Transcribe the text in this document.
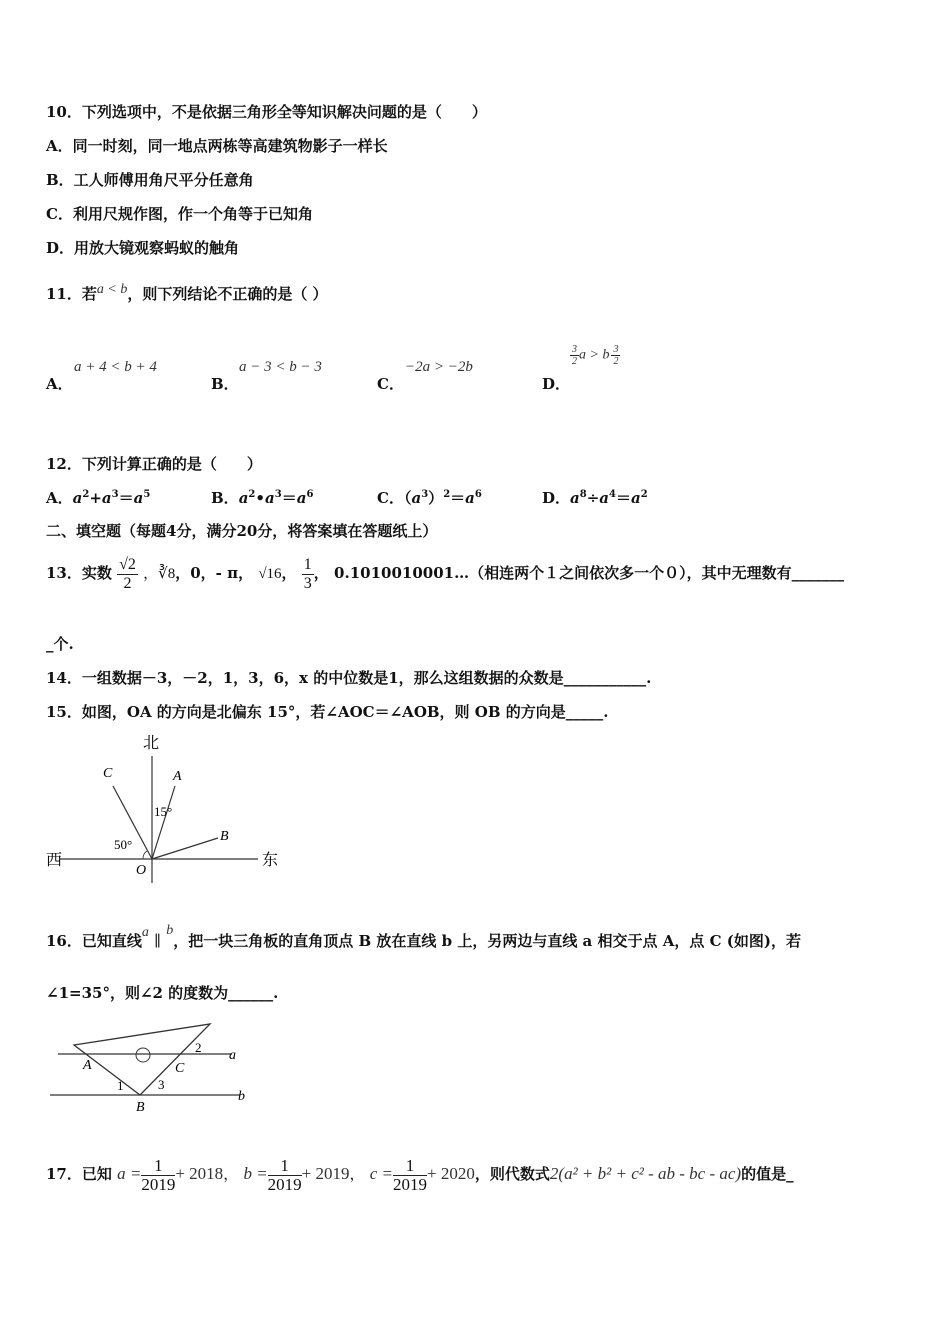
10．下列选项中，不是依据三角形全等知识解决问题的是（　　）
A．同一时刻，同一地点两栋等高建筑物影子一样长
B．工人师傅用角尺平分任意角
C．利用尺规作图，作一个角等于已知角
D．用放大镜观察蚂蚁的触角
11．若a < b，则下列结论不正确的是（ ）
A．
a + 4 < b + 4
B．
a − 3 < b − 3
C．
−2a > −2b
D．
$\frac{3}{2}$ a > b $\frac{3}{2}$
12．下列计算正确的是（　　）
A．$a^2+a^3=a^5$	B．$a^2•a^3=a^6$	C．$(a^3)^2=a^6$	D．$a^8\div a^4=a^2$
二、填空题（每题4分，满分20分，将答案填在答题纸上）
13．实数 $\frac{√2}{2}$ ，∛8，0，- π， √16， $\frac{1}{3}$ ， 0.1010010001…（相连两个１之间依次多一个０），其中无理数有_______
_个.
14．一组数据－3，－2，1，3，6，x 的中位数是1，那么这组数据的众数是___________.
15．如图，OA 的方向是北偏东 15°，若∠AOC＝∠AOB，则 OB 的方向是_____.
北
西	东
C	A
B
O
50°
15°
16．已知直线a ∥ b，把一块三角板的直角顶点 B 放在直线 b 上，另两边与直线 a 相交于点 A，点 C (如图)，若
∠1=35°，则∠2 的度数为______.
A
B
C
1
2
3
a
b
17．已知 $a = \frac{1}{2019} + 2018$， $b = \frac{1}{2019} + 2019$， $c = \frac{1}{2019} + 2020$，则代数式2(a² + b² + c² - ab - bc - ac)的值是_
